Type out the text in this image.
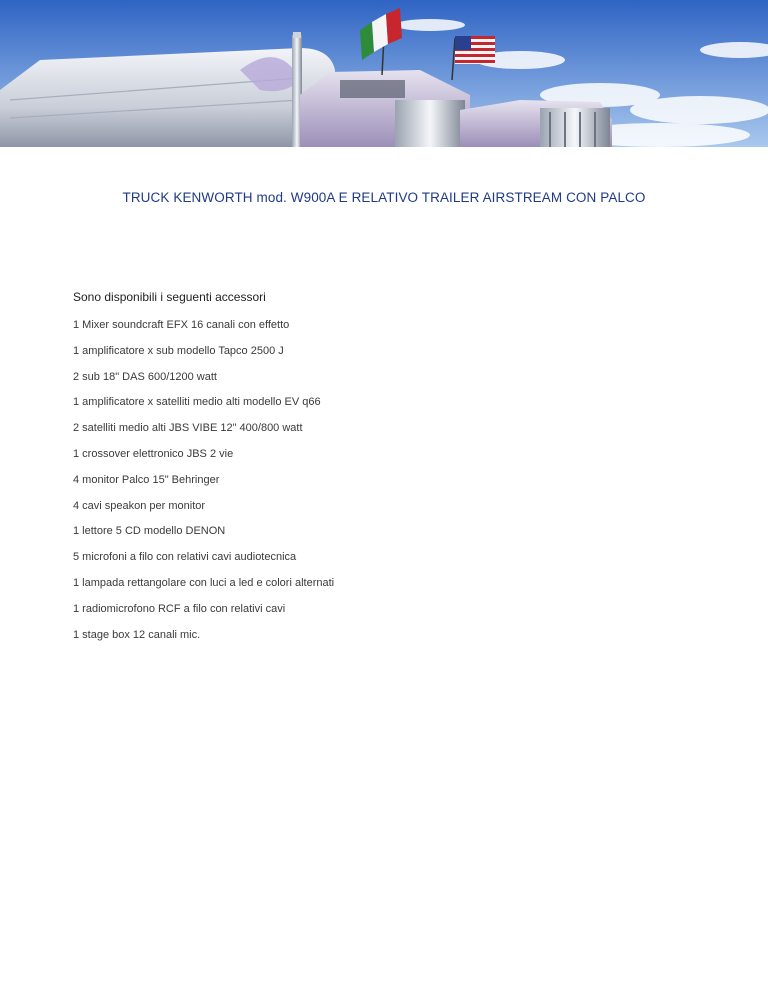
TRUCK KENWORTH mod. W900A E RELATIVO TRAILER AIRSTREAM CON PALCO
Sono disponibili i seguenti accessori
1 Mixer soundcraft EFX 16 canali con effetto
1 amplificatore x sub modello Tapco 2500 J
2 sub 18" DAS 600/1200 watt
1 amplificatore x satelliti medio alti modello EV q66
2 satelliti medio alti JBS VIBE 12" 400/800 watt
1 crossover elettronico JBS 2 vie
4 monitor Palco 15" Behringer
4 cavi speakon per monitor
1 lettore 5 CD modello DENON
5 microfoni a filo con relativi cavi audiotecnica
1 lampada rettangolare con luci a led e colori alternati
1 radiomicrofono RCF a filo con relativi cavi
1 stage box 12 canali mic.
